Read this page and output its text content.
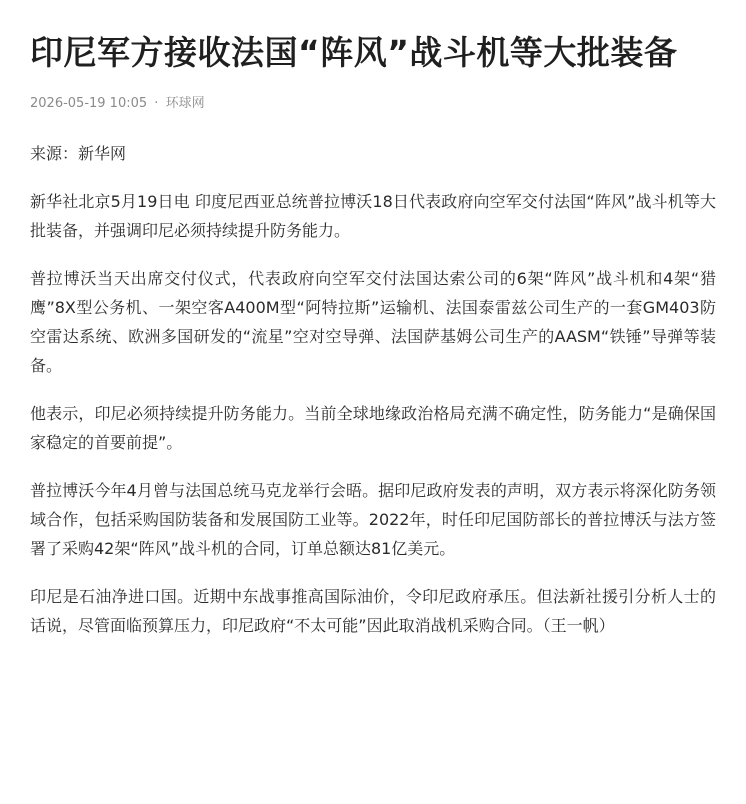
印尼军方接收法国“阵风”战斗机等大批装备
2026-05-19 10:05 · 环球网

来源：新华网

新华社北京5月19日电 印度尼西亚总统普拉博沃18日代表政府向空军交付法国“阵风”战斗机等大批装备，并强调印尼必须持续提升防务能力。

普拉博沃当天出席交付仪式，代表政府向空军交付法国达索公司的6架“阵风”战斗机和4架“猎鹰”8X型公务机、一架空客A400M型“阿特拉斯”运输机、法国泰雷兹公司生产的一套GM403防空雷达系统、欧洲多国研发的“流星”空对空导弹、法国萨基姆公司生产的AASM“铁锤”导弹等装备。

他表示，印尼必须持续提升防务能力。当前全球地缘政治格局充满不确定性，防务能力“是确保国家稳定的首要前提”。

普拉博沃今年4月曾与法国总统马克龙举行会晤。据印尼政府发表的声明，双方表示将深化防务领域合作，包括采购国防装备和发展国防工业等。2022年，时任印尼国防部长的普拉博沃与法方签署了采购42架“阵风”战斗机的合同，订单总额达81亿美元。

印尼是石油净进口国。近期中东战事推高国际油价，令印尼政府承压。但法新社援引分析人士的话说，尽管面临预算压力，印尼政府“不太可能”因此取消战机采购合同。（王一帆）
